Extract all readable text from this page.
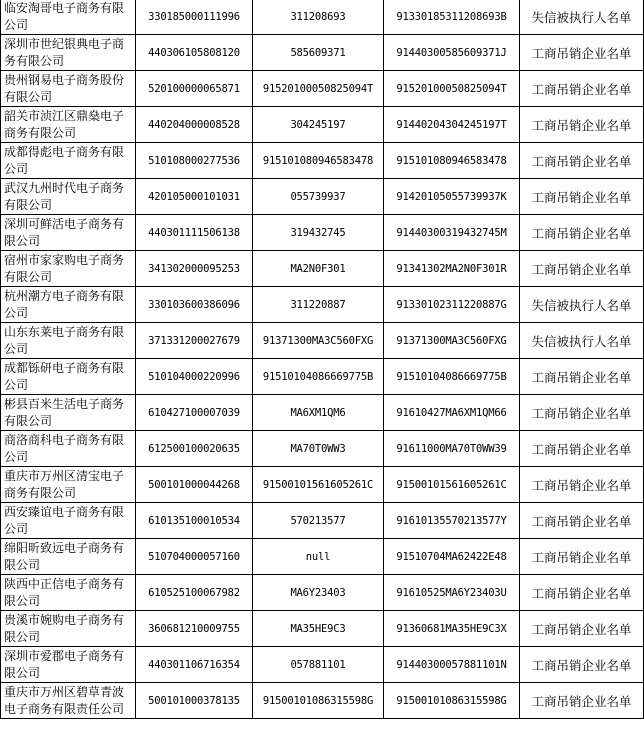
临安淘哥电子商务有限公司	330185000111996	311208693	91330185311208693B	失信被执行人名单
深圳市世纪银典电子商务有限公司	440306105808120	585609371	91440300585609371J	工商吊销企业名单
贵州钢易电子商务股份有限公司	520100000065871	91520100050825094T	91520100050825094T	工商吊销企业名单
韶关市浈江区鼎燊电子商务有限公司	440204000008528	304245197	91440204304245197T	工商吊销企业名单
成都得彪电子商务有限公司	510108000277536	915101080946583478	915101080946583478	工商吊销企业名单
武汉九州时代电子商务有限公司	420105000101031	055739937	91420105055739937K	工商吊销企业名单
深圳可鲜活电子商务有限公司	440301111506138	319432745	91440300319432745M	工商吊销企业名单
宿州市家家购电子商务有限公司	341302000095253	MA2N0F301	91341302MA2N0F301R	工商吊销企业名单
杭州潮方电子商务有限公司	330103600386096	311220887	91330102311220887G	失信被执行人名单
山东东莱电子商务有限公司	371331200027679	91371300MA3C560FXG	91371300MA3C560FXG	失信被执行人名单
成都铄研电子商务有限公司	510104000220996	91510104086669775B	91510104086669775B	工商吊销企业名单
彬县百米生活电子商务有限公司	610427100007039	MA6XM1QM6	91610427MA6XM1QM66	工商吊销企业名单
商洛商科电子商务有限公司	612500100020635	MA70T0WW3	91611000MA70T0WW39	工商吊销企业名单
重庆市万州区清宝电子商务有限公司	500101000044268	91500101561605261C	91500101561605261C	工商吊销企业名单
西安臻谊电子商务有限公司	610135100010534	570213577	91610135570213577Y	工商吊销企业名单
绵阳昕致远电子商务有限公司	510704000057160	null	91510704MA62422E48	工商吊销企业名单
陕西中正信电子商务有限公司	610525100067982	MA6Y23403	91610525MA6Y23403U	工商吊销企业名单
贵溪市婉购电子商务有限公司	360681210009755	MA35HE9C3	91360681MA35HE9C3X	工商吊销企业名单
深圳市爱郡电子商务有限公司	440301106716354	057881101	91440300057881101N	工商吊销企业名单
重庆市万州区碧草青波电子商务有限责任公司	500101000378135	91500101086315598G	91500101086315598G	工商吊销企业名单
